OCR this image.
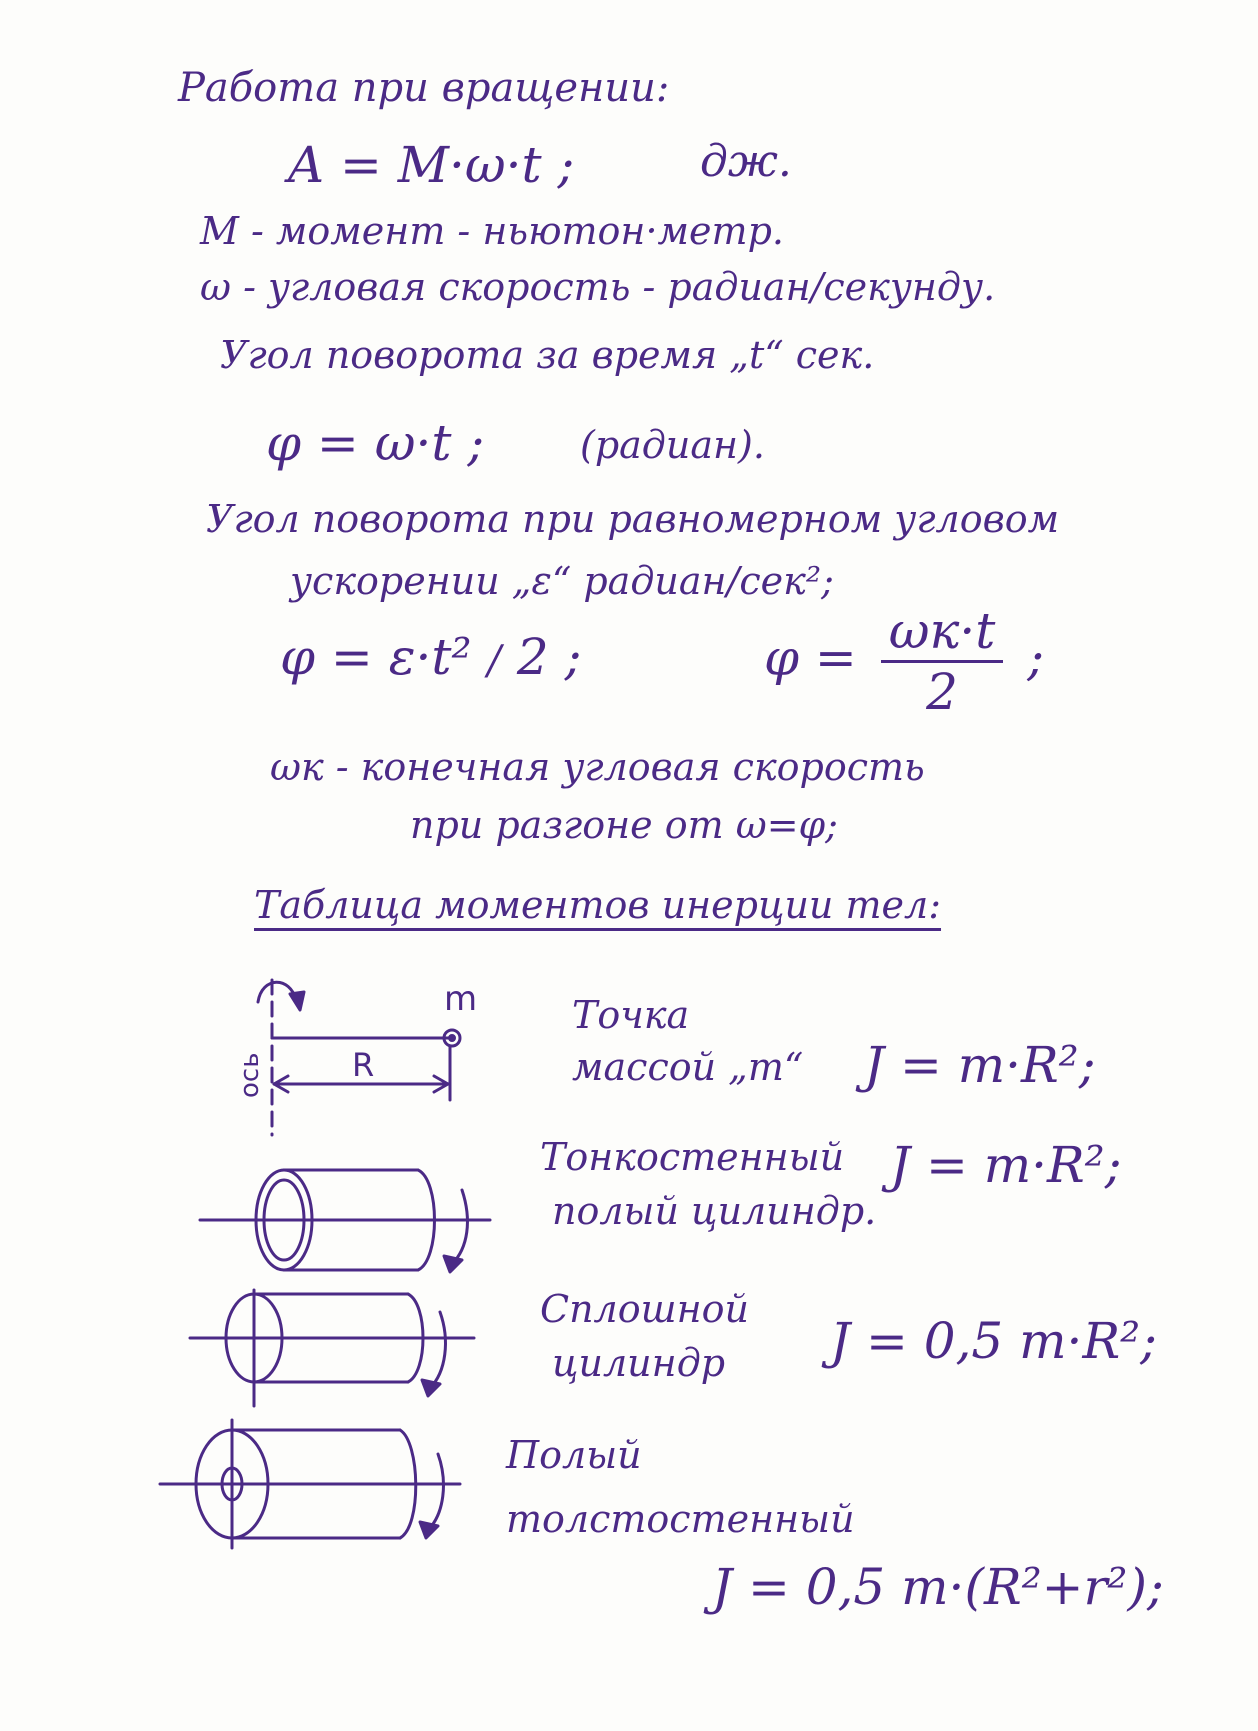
Работа при вращении:
A = M·ω·t ;	дж.
M - момент - ньютон·метр.
ω - угловая скорость - радиан/секунду.
Угол поворота за время „t“ сек.
φ = ω·t ;	(радиан).
Угол поворота при равномерном угловом
ускорении „ε“ радиан/сек²;
φ = ε·t² / 2 ;	$\varphi = \frac{\omega к\cdot t}{2}$ ;
ωк - конечная угловая скорость
при разгоне от ω=φ;
Таблица моментов инерции тел:
m
R
ось
Точка
массой „m“ J = m·R²;
Тонкостенный
полый цилиндр.
J = m·R²;
Сплошной
цилиндр J = 0,5 m·R²;
Полый
толстостенный
J = 0,5 m·(R²+r²);
